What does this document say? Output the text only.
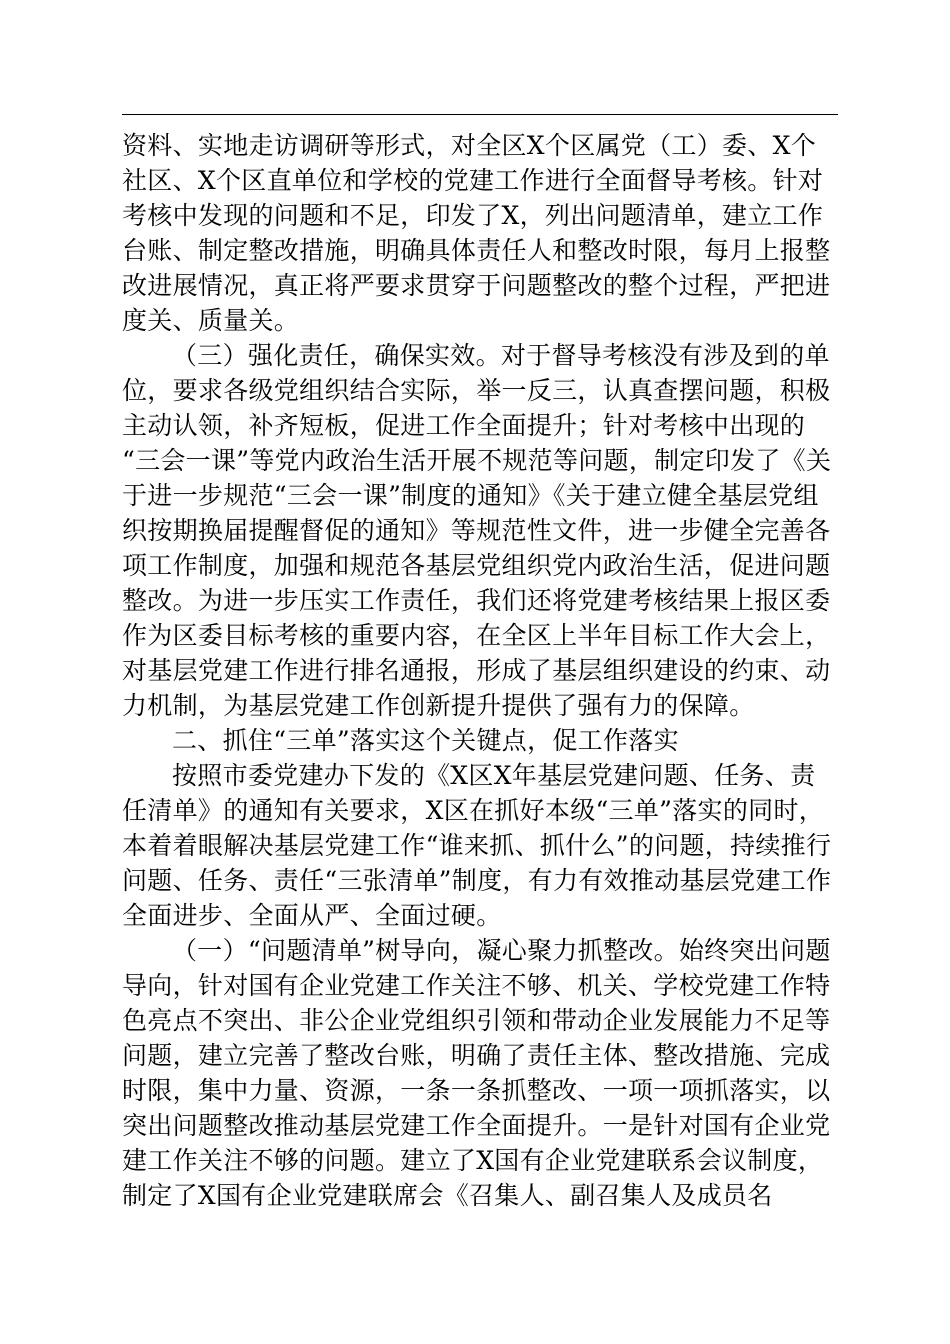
资料、实地走访调研等形式，对全区X个区属党（工）委、X个
社区、X个区直单位和学校的党建工作进行全面督导考核。针对
考核中发现的问题和不足，印发了X，列出问题清单，建立工作
台账、制定整改措施，明确具体责任人和整改时限，每月上报整
改进展情况，真正将严要求贯穿于问题整改的整个过程，严把进
度关、质量关。
（三）强化责任，确保实效。对于督导考核没有涉及到的单
位，要求各级党组织结合实际，举一反三，认真查摆问题，积极
主动认领，补齐短板，促进工作全面提升；针对考核中出现的
“三会一课”等党内政治生活开展不规范等问题，制定印发了《关
于进一步规范“三会一课”制度的通知》《关于建立健全基层党组
织按期换届提醒督促的通知》等规范性文件，进一步健全完善各
项工作制度，加强和规范各基层党组织党内政治生活，促进问题
整改。为进一步压实工作责任，我们还将党建考核结果上报区委
作为区委目标考核的重要内容，在全区上半年目标工作大会上，
对基层党建工作进行排名通报，形成了基层组织建设的约束、动
力机制，为基层党建工作创新提升提供了强有力的保障。
二、抓住“三单”落实这个关键点，促工作落实
按照市委党建办下发的《X区X年基层党建问题、任务、责
任清单》的通知有关要求，X区在抓好本级“三单”落实的同时，
本着着眼解决基层党建工作“谁来抓、抓什么”的问题，持续推行
问题、任务、责任“三张清单”制度，有力有效推动基层党建工作
全面进步、全面从严、全面过硬。
（一）“问题清单”树导向，凝心聚力抓整改。始终突出问题
导向，针对国有企业党建工作关注不够、机关、学校党建工作特
色亮点不突出、非公企业党组织引领和带动企业发展能力不足等
问题，建立完善了整改台账，明确了责任主体、整改措施、完成
时限，集中力量、资源，一条一条抓整改、一项一项抓落实，以
突出问题整改推动基层党建工作全面提升。一是针对国有企业党
建工作关注不够的问题。建立了X国有企业党建联系会议制度，
制定了X国有企业党建联席会《召集人、副召集人及成员名
